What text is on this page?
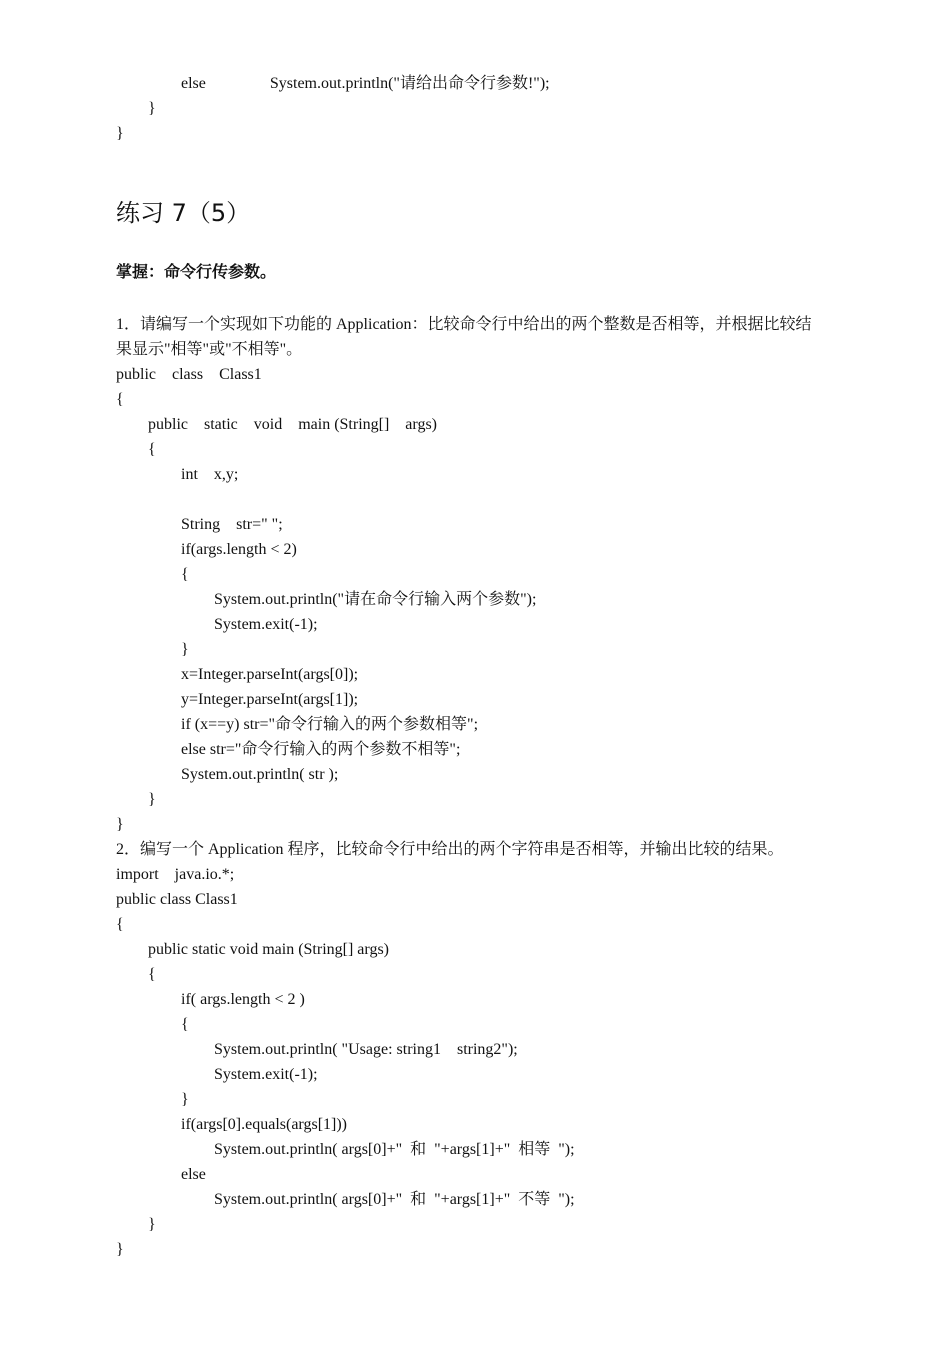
else                System.out.println("请给出命令行参数!");
}
}
练习 7（5）
掌握：命令行传参数。
1．请编写一个实现如下功能的 Application：比较命令行中给出的两个整数是否相等，并根据比较结
果显示"相等"或"不相等"。
public    class    Class1
{
public    static    void    main (String[]    args)
{
int    x,y;
String    str=" ";
if(args.length < 2)
{
System.out.println("请在命令行输入两个参数");
System.exit(-1);
}
x=Integer.parseInt(args[0]);
y=Integer.parseInt(args[1]);
if (x==y) str="命令行输入的两个参数相等";
else str="命令行输入的两个参数不相等";
System.out.println( str );
}
}
2．编写一个 Application 程序，比较命令行中给出的两个字符串是否相等，并输出比较的结果。
import    java.io.*;
public class Class1
{
public static void main (String[] args)
{
if( args.length < 2 )
{
System.out.println( "Usage: string1    string2");
System.exit(-1);
}
if(args[0].equals(args[1]))
System.out.println( args[0]+"  和  "+args[1]+"  相等  ");
else
System.out.println( args[0]+"  和  "+args[1]+"  不等  ");
}
}
